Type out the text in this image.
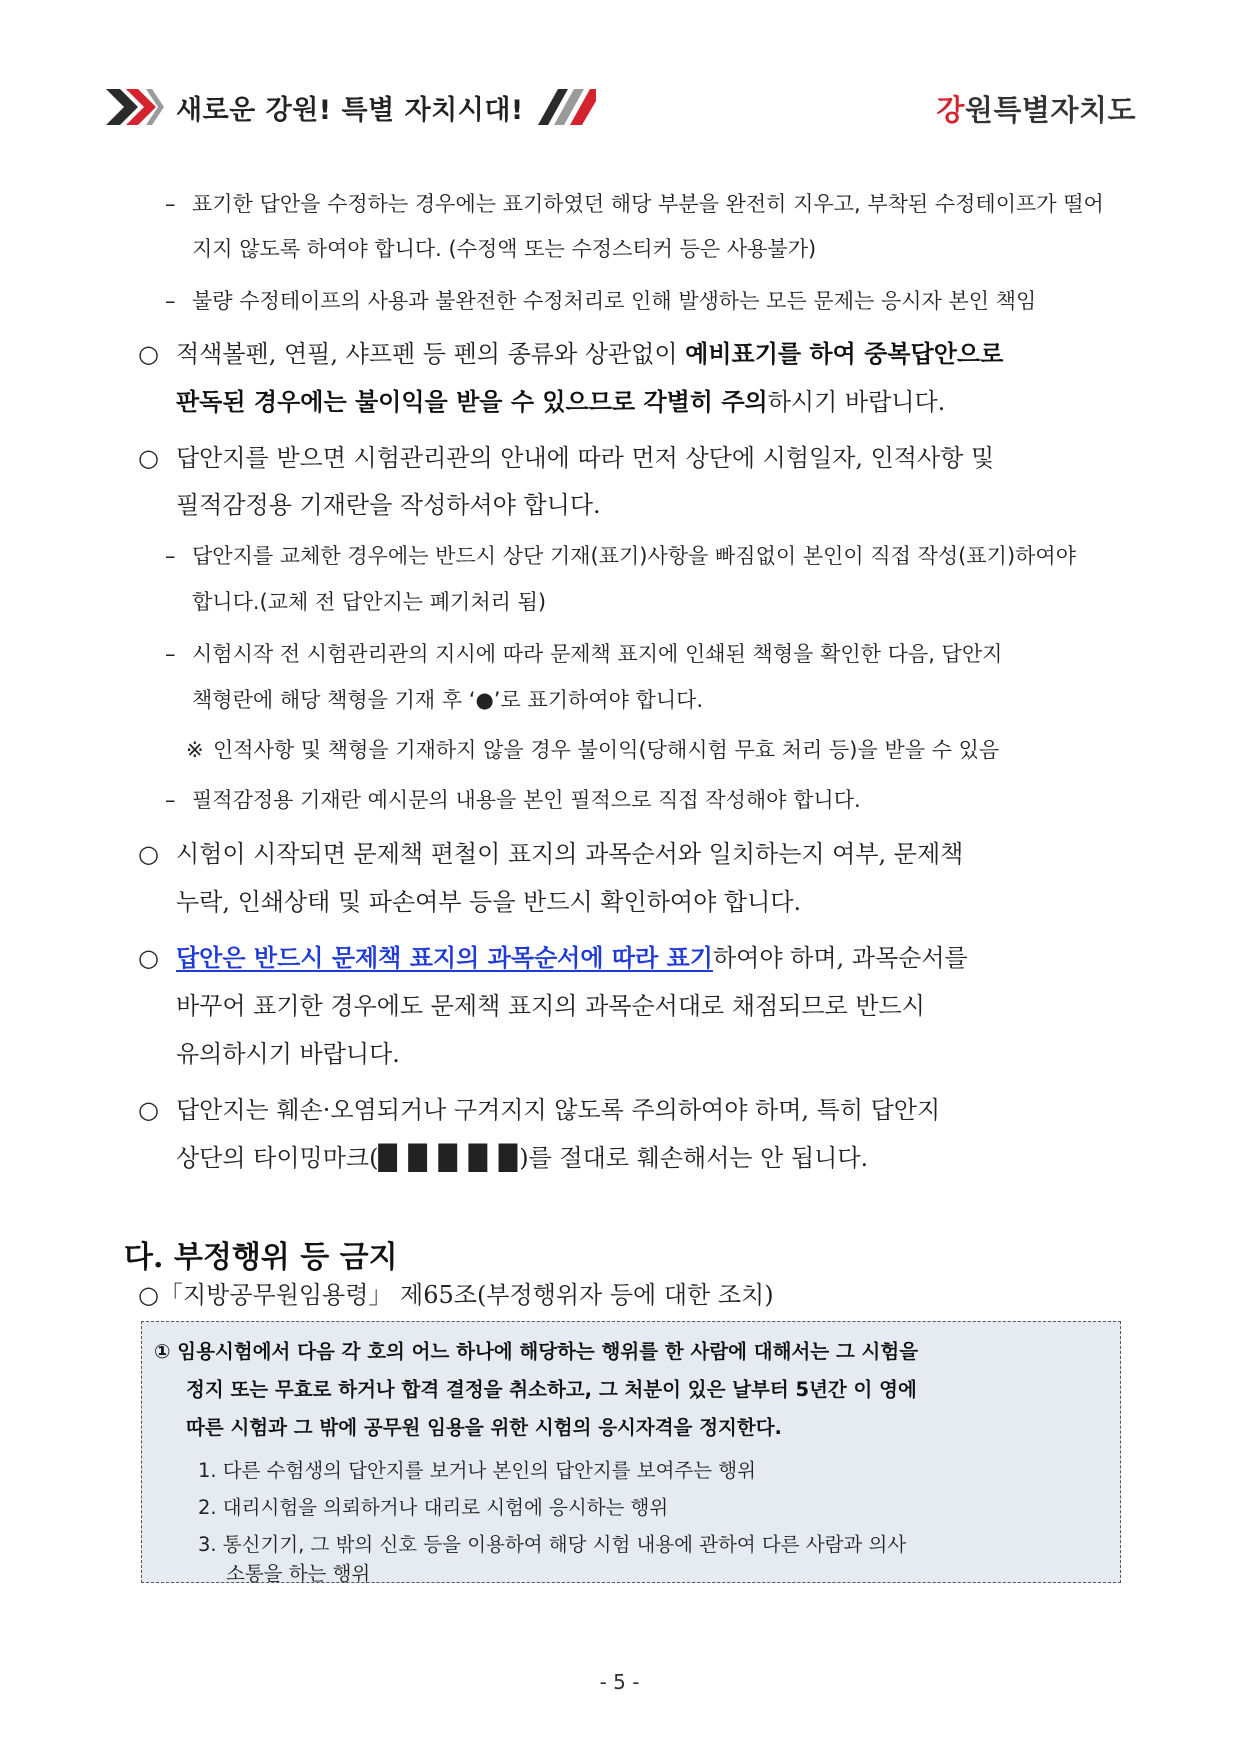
새로운 강원! 특별 자치시대!	강원특별자치도
– 표기한 답안을 수정하는 경우에는 표기하였던 해당 부분을 완전히 지우고, 부착된 수정테이프가 떨어
지지 않도록 하여야 합니다. (수정액 또는 수정스티커 등은 사용불가)
– 불량 수정테이프의 사용과 불완전한 수정처리로 인해 발생하는 모든 문제는 응시자 본인 책임
○ 적색볼펜, 연필, 샤프펜 등 펜의 종류와 상관없이 예비표기를 하여 중복답안으로
판독된 경우에는 불이익을 받을 수 있으므로 각별히 주의하시기 바랍니다.
○ 답안지를 받으면 시험관리관의 안내에 따라 먼저 상단에 시험일자, 인적사항 및
필적감정용 기재란을 작성하셔야 합니다.
– 답안지를 교체한 경우에는 반드시 상단 기재(표기)사항을 빠짐없이 본인이 직접 작성(표기)하여야
합니다.(교체 전 답안지는 폐기처리 됨)
– 시험시작 전 시험관리관의 지시에 따라 문제책 표지에 인쇄된 책형을 확인한 다음, 답안지
책형란에 해당 책형을 기재 후 ‘●’로 표기하여야 합니다.
※ 인적사항 및 책형을 기재하지 않을 경우 불이익(당해시험 무효 처리 등)을 받을 수 있음
– 필적감정용 기재란 예시문의 내용을 본인 필적으로 직접 작성해야 합니다.
○ 시험이 시작되면 문제책 편철이 표지의 과목순서와 일치하는지 여부, 문제책
누락, 인쇄상태 및 파손여부 등을 반드시 확인하여야 합니다.
○ 답안은 반드시 문제책 표지의 과목순서에 따라 표기하여야 하며, 과목순서를
바꾸어 표기한 경우에도 문제책 표지의 과목순서대로 채점되므로 반드시
유의하시기 바랍니다.
○ 답안지는 훼손·오염되거나 구겨지지 않도록 주의하여야 하며, 특히 답안지
상단의 타이밍마크(█ █ █ █ █)를 절대로 훼손해서는 안 됩니다.
다. 부정행위 등 금지
○「지방공무원임용령」 제65조(부정행위자 등에 대한 조치)
① 임용시험에서 다음 각 호의 어느 하나에 해당하는 행위를 한 사람에 대해서는 그 시험을
정지 또는 무효로 하거나 합격 결정을 취소하고, 그 처분이 있은 날부터 5년간 이 영에
따른 시험과 그 밖에 공무원 임용을 위한 시험의 응시자격을 정지한다.
1. 다른 수험생의 답안지를 보거나 본인의 답안지를 보여주는 행위
2. 대리시험을 의뢰하거나 대리로 시험에 응시하는 행위
3. 통신기기, 그 밖의 신호 등을 이용하여 해당 시험 내용에 관하여 다른 사람과 의사
소통을 하는 행위
- 5 -
